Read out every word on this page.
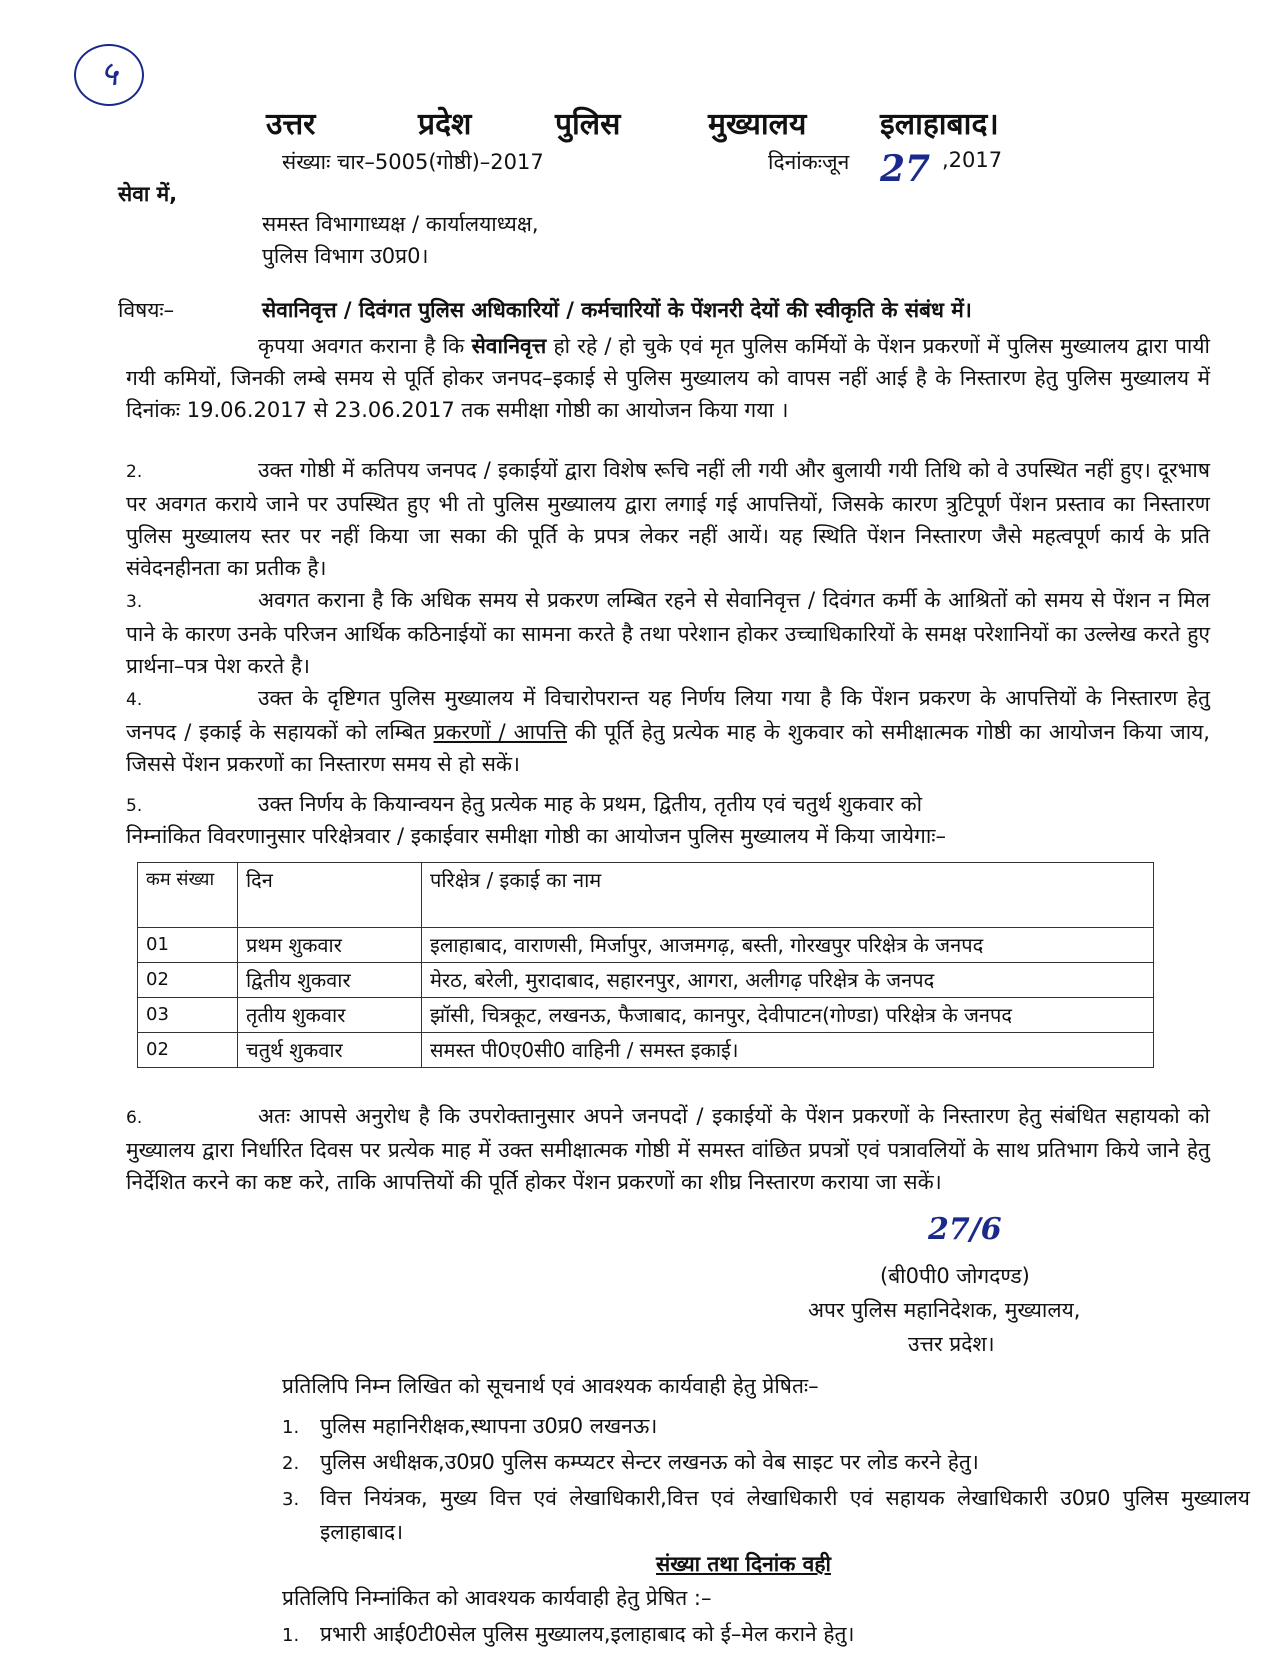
५
उत्तर	प्रदेश	पुलिस	मुख्यालय इलाहाबाद।
संख्याः चार–5005(गोष्ठी)–2017	दिनांकःजून 27 ,2017
सेवा में,
समस्त विभागाध्यक्ष / कार्यालयाध्यक्ष,
पुलिस विभाग उ0प्र0।
विषयः–	सेवानिवृत्त / दिवंगत पुलिस अधिकारियों / कर्मचारियों के पेंशनरी देयों की स्वीकृति के संबंध में।
कृपया अवगत कराना है कि सेवानिवृत्त हो रहे / हो चुके एवं मृत पुलिस कर्मियों के पेंशन प्रकरणों में पुलिस मुख्यालय द्वारा पायी गयी कमियों, जिनकी लम्बे समय से पूर्ति होकर जनपद–इकाई से पुलिस मुख्यालय को वापस नहीं आई है के निस्तारण हेतु पुलिस मुख्यालय में दिनांकः 19.06.2017 से 23.06.2017 तक समीक्षा गोष्ठी का आयोजन किया गया ।
2.	उक्त गोष्ठी में कतिपय जनपद / इकाईयों द्वारा विशेष रूचि नहीं ली गयी और बुलायी गयी तिथि को वे उपस्थित नहीं हुए। दूरभाष पर अवगत कराये जाने पर उपस्थित हुए भी तो पुलिस मुख्यालय द्वारा लगाई गई आपत्तियों, जिसके कारण त्रुटिपूर्ण पेंशन प्रस्ताव का निस्तारण पुलिस मुख्यालय स्तर पर नहीं किया जा सका की पूर्ति के प्रपत्र लेकर नहीं आयें। यह स्थिति पेंशन निस्तारण जैसे महत्वपूर्ण कार्य के प्रति संवेदनहीनता का प्रतीक है।
3.	अवगत कराना है कि अधिक समय से प्रकरण लम्बित रहने से सेवानिवृत्त / दिवंगत कर्मी के आश्रितों को समय से पेंशन न मिल पाने के कारण उनके परिजन आर्थिक कठिनाईयों का सामना करते है तथा परेशान होकर उच्चाधिकारियों के समक्ष परेशानियों का उल्लेख करते हुए प्रार्थना–पत्र पेश करते है।
4.	उक्त के दृष्टिगत पुलिस मुख्यालय में विचारोपरान्त यह निर्णय लिया गया है कि पेंशन प्रकरण के आपत्तियों के निस्तारण हेतु जनपद / इकाई के सहायकों को लम्बित प्रकरणों / आपत्ति की पूर्ति हेतु प्रत्येक माह के शुकवार को समीक्षात्मक गोष्ठी का आयोजन किया जाय, जिससे पेंशन प्रकरणों का निस्तारण समय से हो सकें।
5.	उक्त निर्णय के कियान्वयन हेतु प्रत्येक माह के प्रथम, द्वितीय, तृतीय एवं चतुर्थ शुकवार को
निम्नांकित विवरणानुसार परिक्षेत्रवार / इकाईवार समीक्षा गोष्ठी का आयोजन पुलिस मुख्यालय में किया जायेगाः–
कम संख्या	दिन	परिक्षेत्र / इकाई का नाम
01	प्रथम शुकवार	इलाहाबाद, वाराणसी, मिर्जापुर, आजमगढ़, बस्ती, गोरखपुर परिक्षेत्र के जनपद
02	द्वितीय शुकवार	मेरठ, बरेली, मुरादाबाद, सहारनपुर, आगरा, अलीगढ़ परिक्षेत्र के जनपद
03	तृतीय शुकवार	झॉसी, चित्रकूट, लखनऊ, फैजाबाद, कानपुर, देवीपाटन(गोण्डा) परिक्षेत्र के जनपद
02	चतुर्थ शुकवार	समस्त पी0ए0सी0 वाहिनी / समस्त इकाई।
6.	अतः आपसे अनुरोध है कि उपरोक्तानुसार अपने जनपदों / इकाईयों के पेंशन प्रकरणों के निस्तारण हेतु संबंधित सहायको को मुख्यालय द्वारा निर्धारित दिवस पर प्रत्येक माह में उक्त समीक्षात्मक गोष्ठी में समस्त वांछित प्रपत्रों एवं पत्रावलियों के साथ प्रतिभाग किये जाने हेतु निर्देशित करने का कष्ट करे, ताकि आपत्तियों की पूर्ति होकर पेंशन प्रकरणों का शीघ्र निस्तारण कराया जा सकें।
27/6
(बी0पी0 जोगदण्ड)
अपर पुलिस महानिदेशक, मुख्यालय,
उत्तर प्रदेश।
प्रतिलिपि निम्न लिखित को सूचनार्थ एवं आवश्यक कार्यवाही हेतु प्रेषितः–
1. पुलिस महानिरीक्षक,स्थापना उ0प्र0 लखनऊ।
2. पुलिस अधीक्षक,उ0प्र0 पुलिस कम्प्यटर सेन्टर लखनऊ को वेब साइट पर लोड करने हेतु।
3. वित्त नियंत्रक, मुख्य वित्त एवं लेखाधिकारी,वित्त एवं लेखाधिकारी एवं सहायक लेखाधिकारी उ0प्र0 पुलिस मुख्यालय इलाहाबाद।
संख्या तथा दिनांक वही
प्रतिलिपि निम्नांकित को आवश्यक कार्यवाही हेतु प्रेषित :–
1. प्रभारी आई0टी0सेल पुलिस मुख्यालय,इलाहाबाद को ई–मेल कराने हेतु।
